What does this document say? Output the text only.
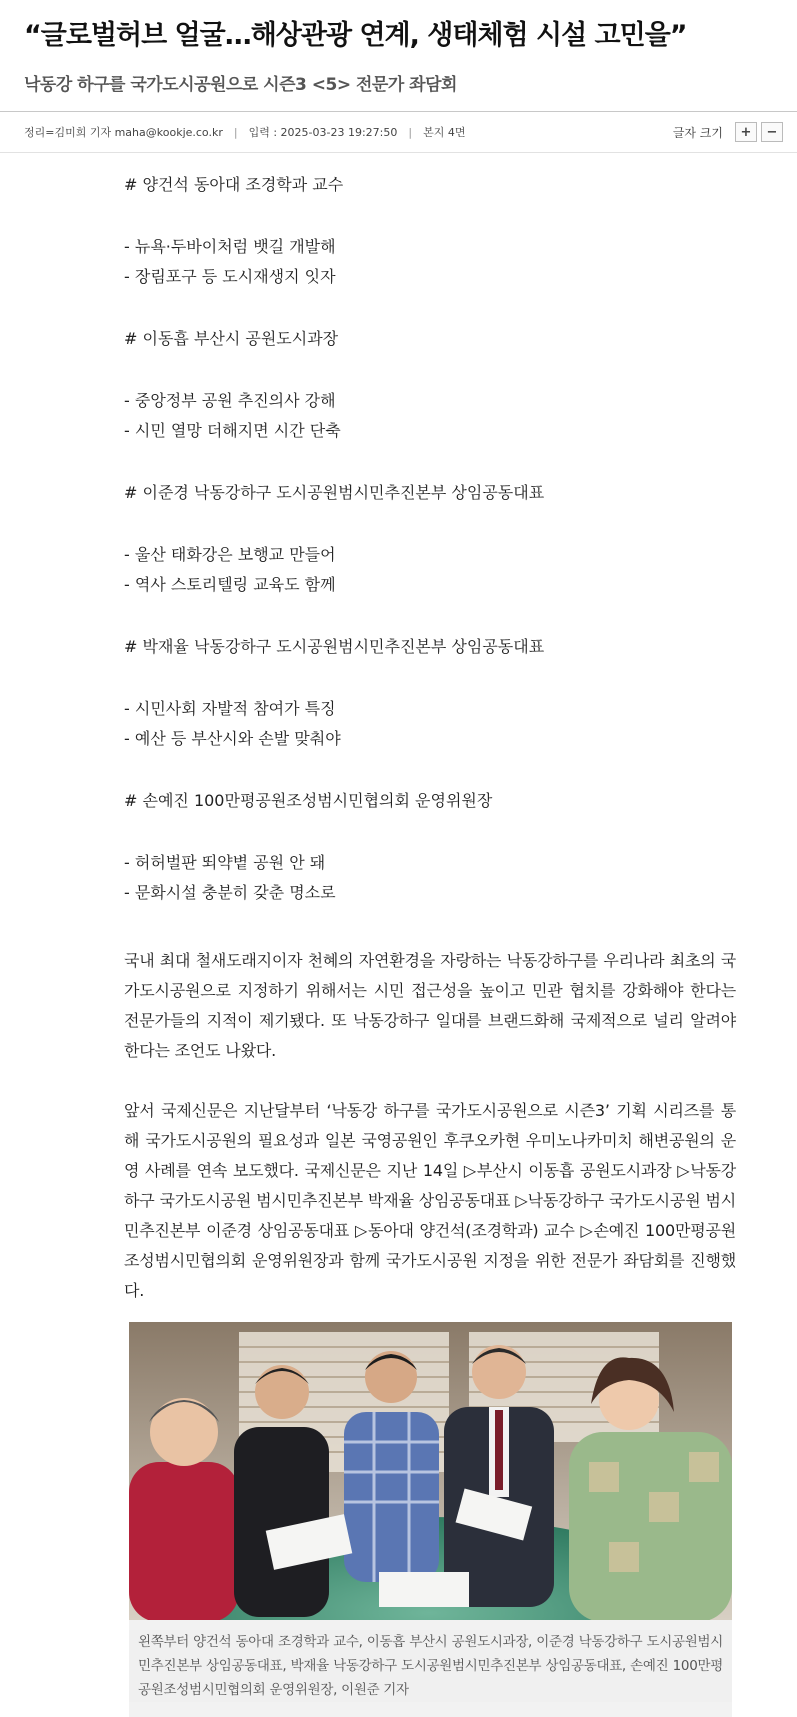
“글로벌허브 얼굴…해상관광 연계, 생태체험 시설 고민을”
낙동강 하구를 국가도시공원으로 시즌3 <5> 전문가 좌담회
정리=김미희 기자 maha@kookje.co.kr | 입력 : 2025-03-23 19:27:50 | 본지 4면	글자 크기	+	−
# 양건석 동아대 조경학과 교수
- 뉴욕·두바이처럼 뱃길 개발해
- 장림포구 등 도시재생지 잇자
# 이동흡 부산시 공원도시과장
- 중앙정부 공원 추진의사 강해
- 시민 열망 더해지면 시간 단축
# 이준경 낙동강하구 도시공원범시민추진본부 상임공동대표
- 울산 태화강은 보행교 만들어
- 역사 스토리텔링 교육도 함께
# 박재율 낙동강하구 도시공원범시민추진본부 상임공동대표
- 시민사회 자발적 참여가 특징
- 예산 등 부산시와 손발 맞춰야
# 손예진 100만평공원조성범시민협의회 운영위원장
- 허허벌판 뙤약볕 공원 안 돼
- 문화시설 충분히 갖춘 명소로

국내 최대 철새도래지이자 천혜의 자연환경을 자랑하는 낙동강하구를 우리나라 최초의 국가도시공원으로 지정하기 위해서는 시민 접근성을 높이고 민관 협치를 강화해야 한다는 전문가들의 지적이 제기됐다. 또 낙동강하구 일대를 브랜드화해 국제적으로 널리 알려야 한다는 조언도 나왔다.

앞서 국제신문은 지난달부터 ‘낙동강 하구를 국가도시공원으로 시즌3’ 기획 시리즈를 통해 국가도시공원의 필요성과 일본 국영공원인 후쿠오카현 우미노나카미치 해변공원의 운영 사례를 연속 보도했다. 국제신문은 지난 14일 ▷부산시 이동흡 공원도시과장 ▷낙동강하구 국가도시공원 범시민추진본부 박재율 상임공동대표 ▷낙동강하구 국가도시공원 범시민추진본부 이준경 상임공동대표 ▷동아대 양건석(조경학과) 교수 ▷손예진 100만평공원조성범시민협의회 운영위원장과 함께 국가도시공원 지정을 위한 전문가 좌담회를 진행했다.

왼쪽부터 양건석 동아대 조경학과 교수, 이동흡 부산시 공원도시과장, 이준경 낙동강하구 도시공원범시민추진본부 상임공동대표, 박재율 낙동강하구 도시공원범시민추진본부 상임공동대표, 손예진 100만평공원조성범시민협의회 운영위원장, 이원준 기자
